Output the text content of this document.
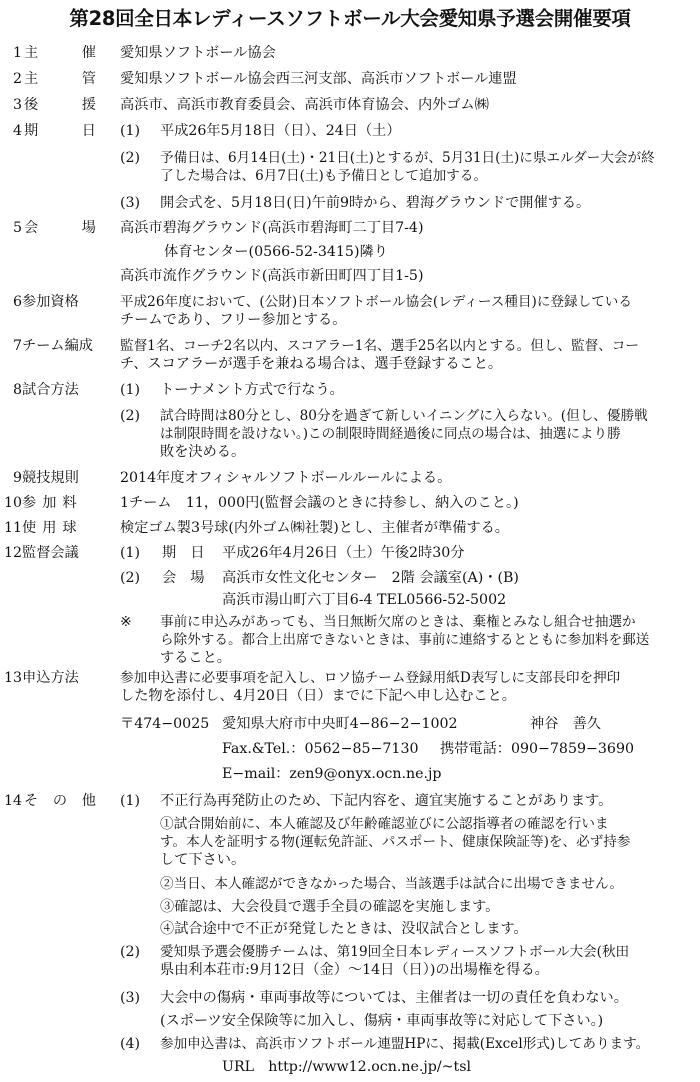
第28回全日本レディースソフトボール大会愛知県予選会開催要項
1 主	催 愛知県ソフトボール協会
2 主	管 愛知県ソフトボール協会西三河支部、高浜市ソフトボール連盟
3 後	援 高浜市、高浜市教育委員会、高浜市体育協会、内外ゴム㈱
4 期	日 (1) 平成26年5月18日（日）、24日（土）
(2) 予備日は、6月14日(土)・21日(土)とするが、5月31日(土)に県エルダー大会が終
了した場合は、6月7日(土)も予備日として追加する。
(3) 開会式を、5月18日(日)午前9時から、碧海グラウンドで開催する。
5 会	場 高浜市碧海グラウンド(高浜市碧海町二丁目7-4)
体育センター(0566-52-3415)隣り
高浜市流作グラウンド(高浜市新田町四丁目1-5)
6 参加資格	平成26年度において、(公財)日本ソフトボール協会(レディース種目)に登録している
チームであり、フリー参加とする。
7 チーム編成	監督1名、コーチ2名以内、スコアラー1名、選手25名以内とする。但し、監督、コー
チ、スコアラーが選手を兼ねる場合は、選手登録すること。
8 試合方法	(1) トーナメント方式で行なう。
(2) 試合時間は80分とし、80分を過ぎて新しいイニングに入らない。(但し、優勝戦
は制限時間を設けない。)この制限時間経過後に同点の場合は、抽選により勝
敗を決める。
9 競技規則	2014年度オフィシャルソフトボールルールによる。
10 参加料	1チーム　11，000円(監督会議のときに持参し、納入のこと。)
11 使用球	検定ゴム製3号球(内外ゴム㈱社製)とし、主催者が準備する。
12 監督会議	(1) 期　日 平成26年4月26日（土）午後2時30分
(2) 会　場 高浜市女性文化センター　2階 会議室(A)・(B)
高浜市湯山町六丁目6-4 TEL0566-52-5002
※ 事前に申込みがあっても、当日無断欠席のときは、棄権とみなし組合せ抽選か
ら除外する。都合上出席できないときは、事前に連絡するとともに参加料を郵送
すること。
13 申込方法	参加申込書に必要事項を記入し、ロソ協チーム登録用紙D表写しに支部長印を押印
した物を添付し、4月20日（日）までに下記へ申し込むこと。
〒474−0025 愛知県大府市中央町4−86−2−1002	神谷　善久
Fax.&Tel.：0562−85−7130 携帯電話：090−7859−3690
E−mail：zen9@onyx.ocn.ne.jp
14 そ の 他 (1) 不正行為再発防止のため、下記内容を、適宜実施することがあります。
①試合開始前に、本人確認及び年齢確認並びに公認指導者の確認を行いま
す。本人を証明する物(運転免許証、パスポート、健康保険証等)を、必ず持参
して下さい。
②当日、本人確認ができなかった場合、当該選手は試合に出場できません。
③確認は、大会役員で選手全員の確認を実施します。
④試合途中で不正が発覚したときは、没収試合とします。
(2) 愛知県予選会優勝チームは、第19回全日本レディースソフトボール大会(秋田
県由利本荘市:9月12日（金）〜14日（日）)の出場権を得る。
(3) 大会中の傷病・車両事故等については、主催者は一切の責任を負わない。
(スポーツ安全保険等に加入し、傷病・車両事故等に対応して下さい。)
(4) 参加申込書は、高浜市ソフトボール連盟HPに、掲載(Excel形式)してあります。
URL　http://www12.ocn.ne.jp/~tsl
